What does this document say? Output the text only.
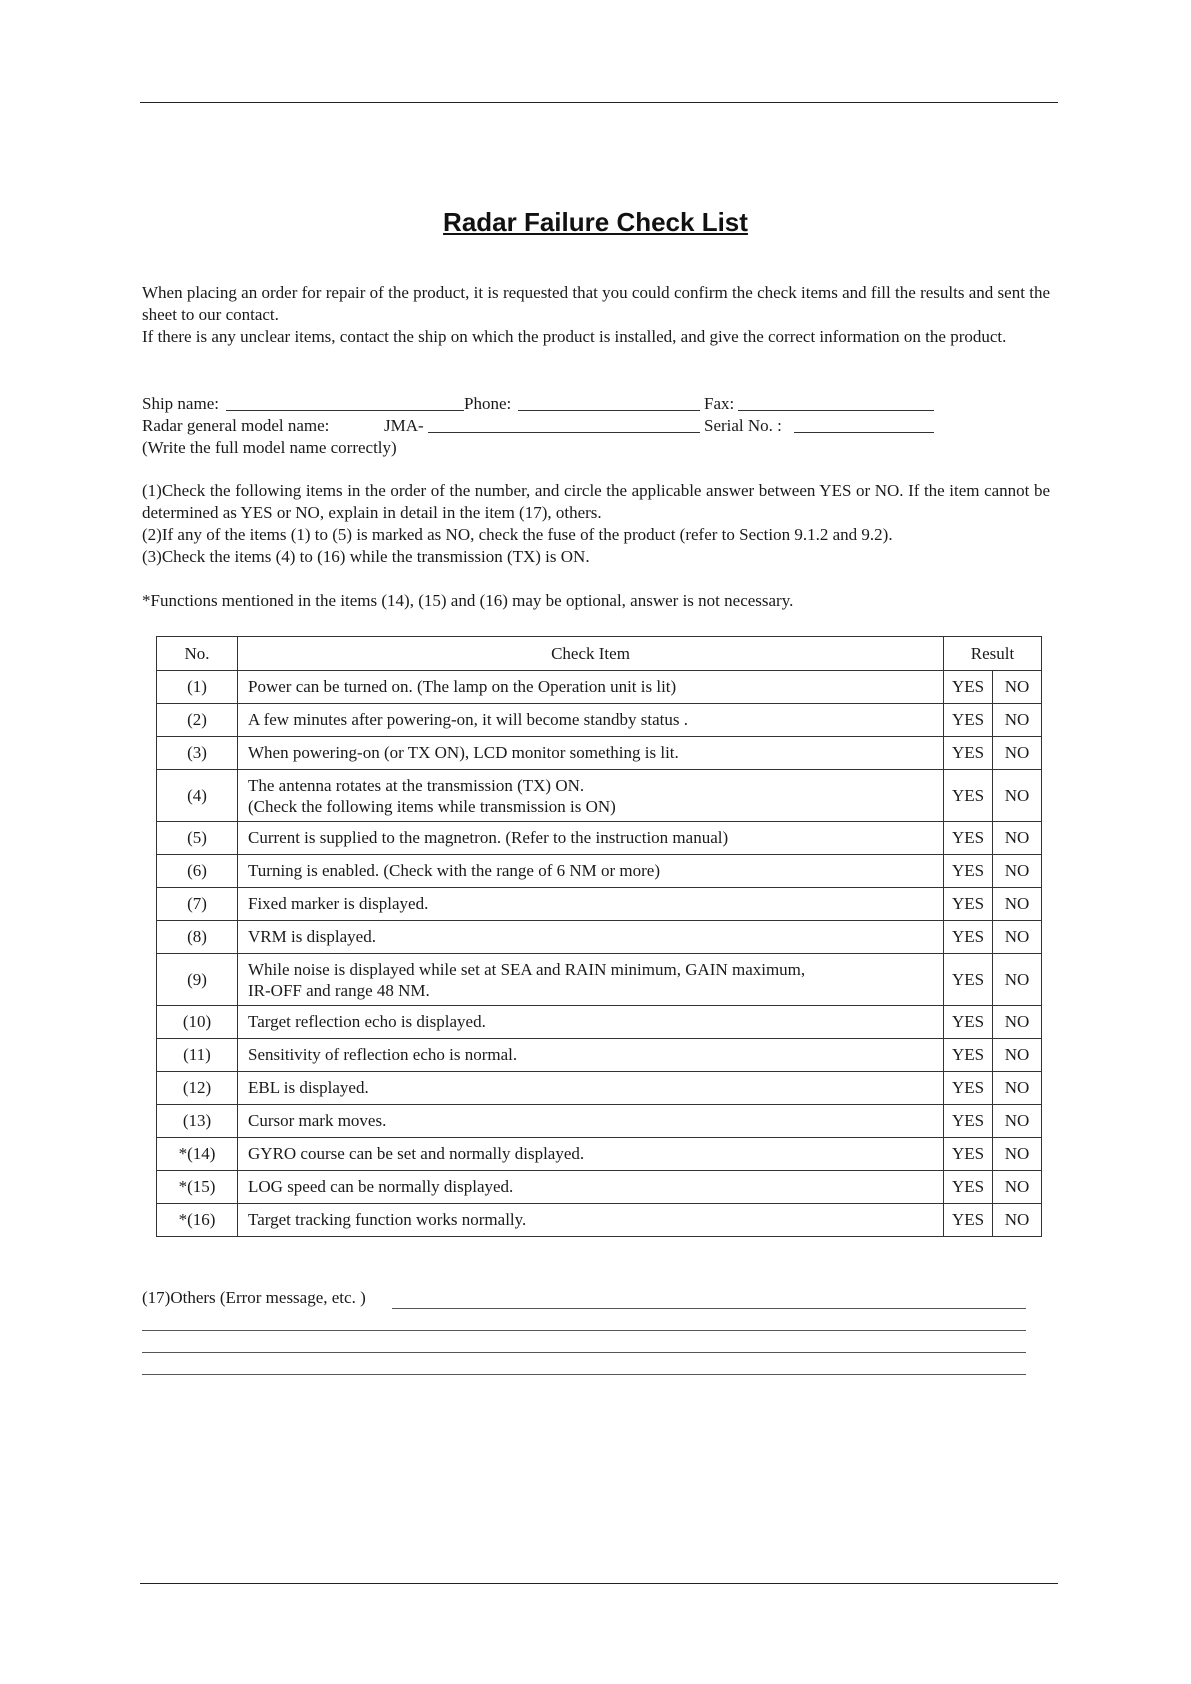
Radar Failure Check List

When placing an order for repair of the product, it is requested that you could confirm the check items and fill the results and sent the sheet to our contact.

If there is any unclear items, contact the ship on which the product is installed, and give the correct information on the product.

Ship name:	Phone:	Fax:
Radar general model name:	JMA-	Serial No. :
(Write the full model name correctly)

(1)Check the following items in the order of the number, and circle the applicable answer between YES or NO. If the item cannot be determined as YES or NO, explain in detail in the item (17), others.

(2)If any of the items (1) to (5) is marked as NO, check the fuse of the product (refer to Section 9.1.2 and 9.2).

(3)Check the items (4) to (16) while the transmission (TX) is ON.

*Functions mentioned in the items (14), (15) and (16) may be optional, answer is not necessary.
No.	Check Item	Result	
(1)	Power can be turned on. (The lamp on the Operation unit is lit)	YES	NO
(2)	A few minutes after powering-on, it will become standby status .	YES	NO
(3)	When powering-on (or TX ON), LCD monitor something is lit.	YES	NO
(4)	The antenna rotates at the transmission (TX) ON.
(Check the following items while transmission is ON)	YES	NO
(5)	Current is supplied to the magnetron. (Refer to the instruction manual)	YES	NO
(6)	Turning is enabled. (Check with the range of 6 NM or more)	YES	NO
(7)	Fixed marker is displayed.	YES	NO
(8)	VRM is displayed.	YES	NO
(9)	While noise is displayed while set at SEA and RAIN minimum, GAIN maximum,
IR-OFF and range 48 NM.	YES	NO
(10)	Target reflection echo is displayed.	YES	NO
(11)	Sensitivity of reflection echo is normal.	YES	NO
(12)	EBL is displayed.	YES	NO
(13)	Cursor mark moves.	YES	NO
*(14)	GYRO course can be set and normally displayed.	YES	NO
*(15)	LOG speed can be normally displayed.	YES	NO
*(16)	Target tracking function works normally.	YES	NO
(17)Others (Error message, etc. )
